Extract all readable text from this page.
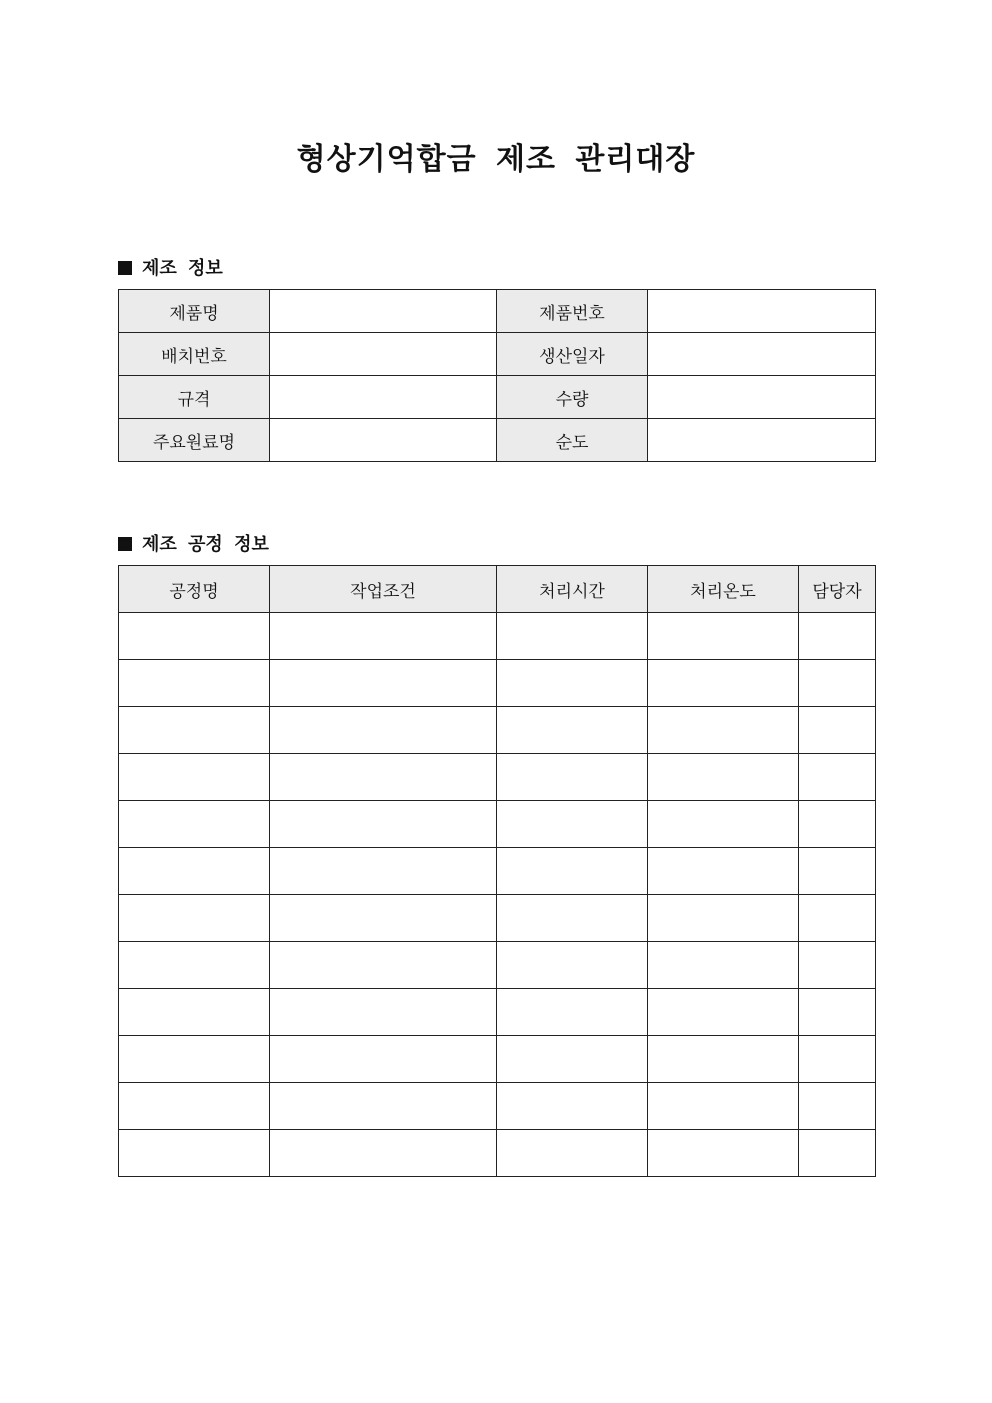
형상기억합금 제조 관리대장
제조 정보
제품명		제품번호	
배치번호		생산일자	
규격		수량	
주요원료명		순도	
제조 공정 정보
공정명	작업조건	처리시간	처리온도	담당자
